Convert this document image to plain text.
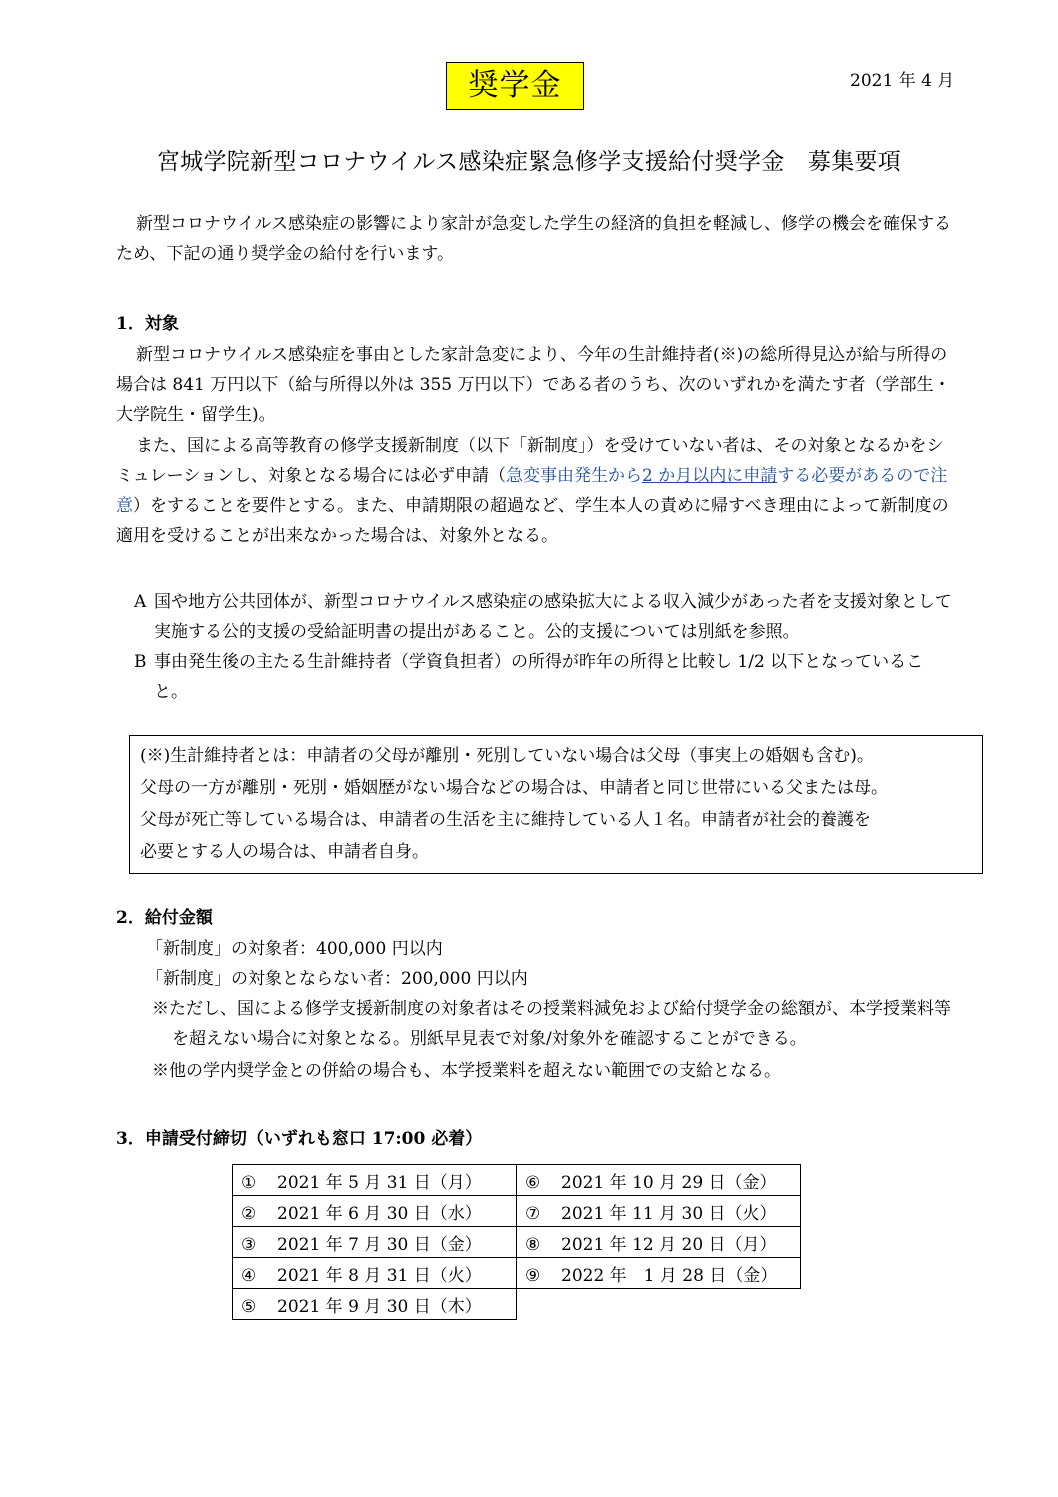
奨学金	2021 年 4 月
宮城学院新型コロナウイルス感染症緊急修学支援給付奨学金　募集要項

新型コロナウイルス感染症の影響により家計が急変した学生の経済的負担を軽減し、修学の機会を確保するため、下記の通り奨学金の給付を行います。

1．対象

新型コロナウイルス感染症を事由とした家計急変により、今年の生計維持者(※)の総所得見込が給与所得の場合は 841 万円以下（給与所得以外は 355 万円以下）である者のうち、次のいずれかを満たす者（学部生・大学院生・留学生)。

また、国による高等教育の修学支援新制度（以下「新制度」）を受けていない者は、その対象となるかをシミュレーションし、対象となる場合には必ず申請（急変事由発生から2 か月以内に申請する必要があるので注意）をすることを要件とする。また、申請期限の超過など、学生本人の責めに帰すべき理由によって新制度の適用を受けることが出来なかった場合は、対象外となる。

A 国や地方公共団体が、新型コロナウイルス感染症の感染拡大による収入減少があった者を支援対象として実施する公的支援の受給証明書の提出があること。公的支援については別紙を参照。
B 事由発生後の主たる生計維持者（学資負担者）の所得が昨年の所得と比較し 1/2 以下となっていること。
(※)生計維持者とは：申請者の父母が離別・死別していない場合は父母（事実上の婚姻も含む)。
父母の一方が離別・死別・婚姻歴がない場合などの場合は、申請者と同じ世帯にいる父または母。
父母が死亡等している場合は、申請者の生活を主に維持している人１名。申請者が社会的養護を
必要とする人の場合は、申請者自身。
2．給付金額
「新制度」の対象者：400,000 円以内
「新制度」の対象とならない者：200,000 円以内
※ただし、国による修学支援新制度の対象者はその授業料減免および給付奨学金の総額が、本学授業料等を超えない場合に対象となる。別紙早見表で対象/対象外を確認することができる。
※他の学内奨学金との併給の場合も、本学授業料を超えない範囲での支給となる。
3．申請受付締切（いずれも窓口 17:00 必着）
① 2021 年 5 月 31 日（月）	⑥ 2021 年 10 月 29 日（金）
② 2021 年 6 月 30 日（水）	⑦ 2021 年 11 月 30 日（火）
③ 2021 年 7 月 30 日（金）	⑧ 2021 年 12 月 20 日（月）
④ 2021 年 8 月 31 日（火）	⑨ 2022 年　1 月 28 日（金）
⑤ 2021 年 9 月 30 日（木）	
